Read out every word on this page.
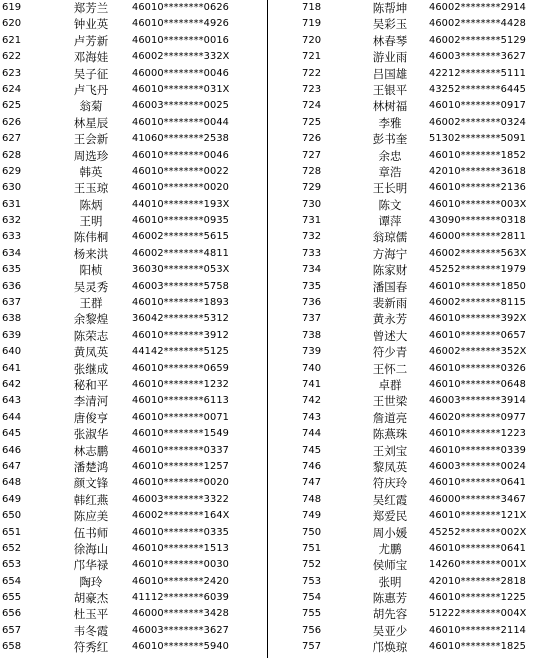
619	郑芳兰	46010********0626
620	钟业英	46010********4926
621	卢芳新	46010********0016
622	邓海娃	46002********332X
623	吴子征	46000********0046
624	卢飞丹	46010********031X
625	翁菊	46003********0025
626	林星辰	46010********0044
627	王会新	41060********2538
628	周选珍	46010********0046
629	韩英	46010********0022
630	王玉琼	46010********0020
631	陈炳	44010********193X
632	王明	46010********0935
633	陈伟桐	46002********5615
634	杨来洪	46002********4811
635	阳桢	36030********053X
636	吴灵秀	46003********5758
637	王群	46010********1893
638	余黎煌	36042********5312
639	陈荣志	46010********3912
640	黄凤英	44142********5125
641	张继成	46010********0659
642	秘和平	46010********1232
643	李清河	46010********6113
644	唐俊亨	46010********0071
645	张淑华	46010********1549
646	林志鹏	46010********0337
647	潘楚鸿	46010********1257
648	颜文锋	46010********0020
649	韩红燕	46003********3322
650	陈应美	46002********164X
651	伍书师	46010********0335
652	徐海山	46010********1513
653	邝华禄	46010********0030
654	陶玲	46010********2420
655	胡豪杰	41112********6039
656	杜玉平	46000********3428
657	韦冬霞	46003********3627
658	符秀红	46010********5940
718	陈帮坤	46002********2914
719	吴彩玉	46002********4428
720	林春琴	46002********5129
721	游业雨	46003********3627
722	吕国雄	42212********5111
723	王银平	43252********6445
724	林树福	46010********0917
725	李雅	46002********0324
726	彭书奎	51302********5091
727	余忠	46010********1852
728	章浩	42010********3618
729	王长明	46010********2136
730	陈文	46010********003X
731	谭萍	43090********0318
732	翁琼儒	46000********2811
733	方海宁	46002********563X
734	陈家财	45252********1979
735	潘国春	46010********1850
736	裴新雨	46002********8115
737	黄永芳	46010********392X
738	曾述大	46010********0657
739	符少青	46002********352X
740	王怀二	46010********0326
741	卓群	46010********0648
742	王世梁	46003********3914
743	詹道亮	46020********0977
744	陈燕珠	46010********1223
745	王刘宝	46010********0339
746	黎凤英	46003********0024
747	符庆玲	46010********0641
748	吴红霞	46000********3467
749	郑爱民	46010********121X
750	周小媛	45252********002X
751	尤鹏	46010********0641
752	侯师宝	14260********001X
753	张明	42010********2818
754	陈惠芳	46010********1225
755	胡先容	51222********004X
756	吴亚少	46010********2114
757	邝焕琼	46010********1825
